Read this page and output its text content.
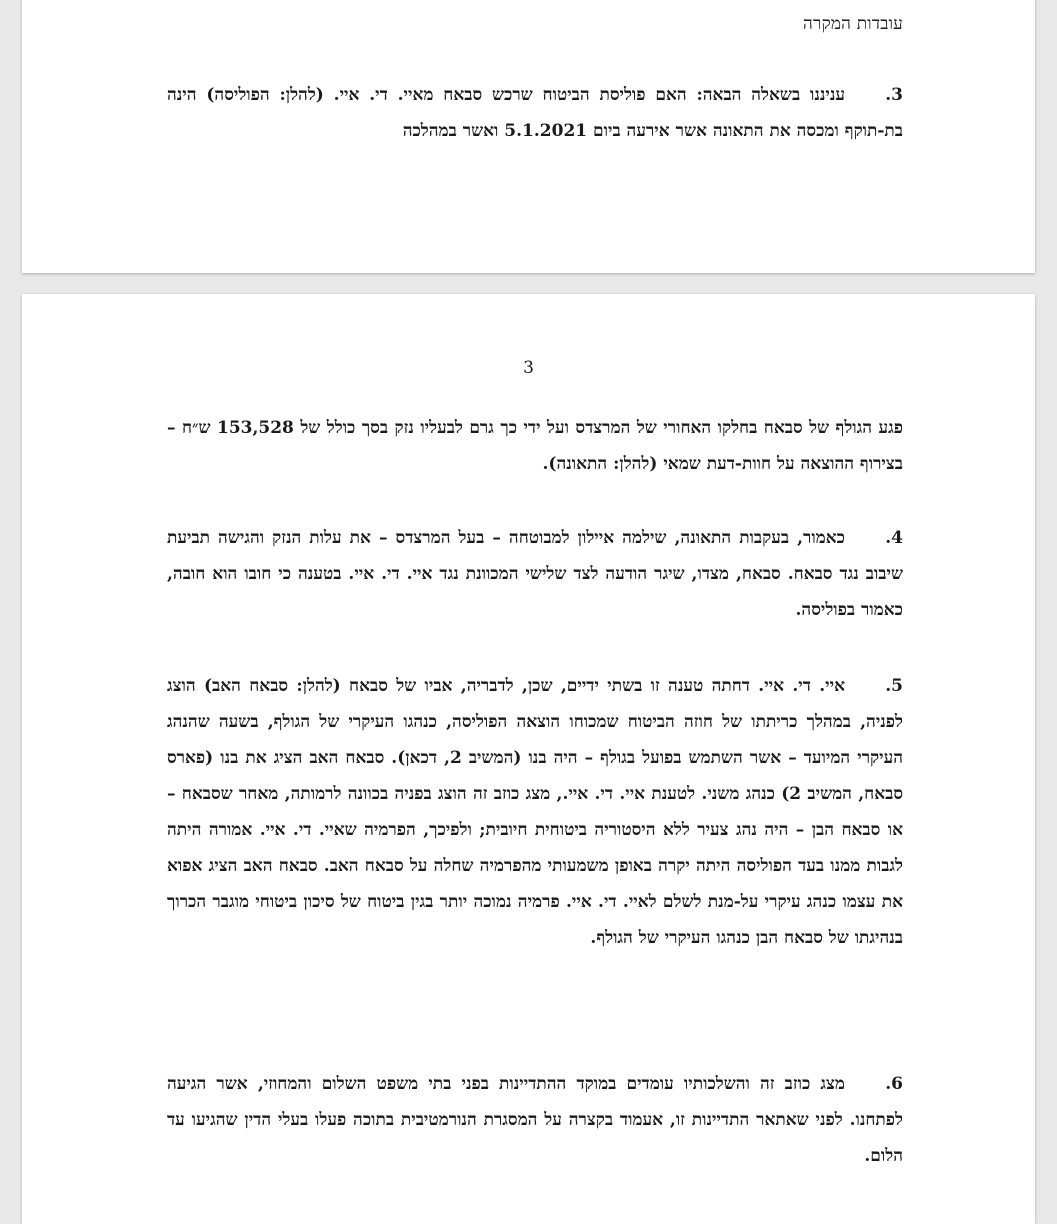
עובדות המקרה

3.עניננו בשאלה הבאה: האם פוליסת הביטוח שרכש סבאח מאיי. די. איי. (להלן: הפוליסה) הינה בת-תוקף ומכסה את התאונה אשר אירעה ביום 5.1.2021 ואשר במהלכה

3

פגע הגולף של סבאח בחלקו האחורי של המרצדס ועל ידי כך גרם לבעליו נזק בסך כולל של 153,528 ש״ח – בצירוף ההוצאה על חוות-דעת שמאי (להלן: התאונה).

4.כאמור, בעקבות התאונה, שילמה איילון למבוטחה – בעל המרצדס – את עלות הנזק והגישה תביעת שיבוב נגד סבאח. סבאח, מצדו, שיגר הודעה לצד שלישי המכוונת נגד איי. די. איי. בטענה כי חובו הוא חובה, כאמור בפוליסה.

5.איי. די. איי. דחתה טענה זו בשתי ידיים, שכן, לדבריה, אביו של סבאח (להלן: סבאח האב) הוצג לפניה, במהלך כריתתו של חוזה הביטוח שמכוחו הוצאה הפוליסה, כנהגו העיקרי של הגולף, בשעה שהנהג העיקרי המיועד – אשר השתמש בפועל בגולף – היה בנו (המשיב 2, דכאן). סבאח האב הציג את בנו (פארס סבאח, המשיב 2) כנהג משני. לטענת איי. די. איי., מצג כוזב זה הוצג בפניה בכוונה לרמותה, מאחר שסבאח – או סבאח הבן – היה נהג צעיר ללא היסטוריה ביטוחית חיובית; ולפיכך, הפרמיה שאיי. די. איי. אמורה היתה לגבות ממנו בעד הפוליסה היתה יקרה באופן משמעותי מהפרמיה שחלה על סבאח האב. סבאח האב הציג אפוא את עצמו כנהג עיקרי על-מנת לשלם לאיי. די. איי. פרמיה נמוכה יותר בגין ביטוח של סיכון ביטוחי מוגבר הכרוך בנהיגתו של סבאח הבן כנהגו העיקרי של הגולף.

6.מצג כוזב זה והשלכותיו עומדים במוקד ההתדיינות בפני בתי משפט השלום והמחוזי, אשר הגיעה לפתחנו. לפני שאתאר התדיינות זו, אעמוד בקצרה על המסגרת הנורמטיבית בתוכה פעלו בעלי הדין שהגיעו עד הלום.
